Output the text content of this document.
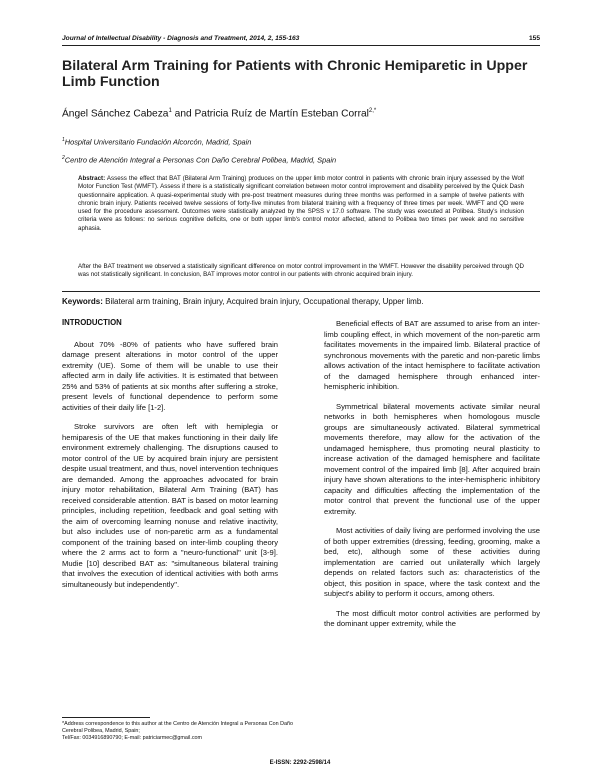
Journal of Intellectual Disability - Diagnosis and Treatment, 2014, 2, 155-163	155
Bilateral Arm Training for Patients with Chronic Hemiparetic in Upper Limb Function
Ángel Sánchez Cabeza$^1$ and Patricia Ruíz de Martín Esteban Corral$^{2,*}$
$^1$Hospital Universitario Fundación Alcorcón, Madrid, Spain
$^2$Centro de Atención Integral a Personas Con Daño Cerebral Polibea, Madrid, Spain

Abstract: Assess the effect that BAT (Bilateral Arm Training) produces on the upper limb motor control in patients with chronic brain injury assessed by the Wolf Motor Function Test (WMFT). Assess if there is a statistically significant correlation between motor control improvement and disability perceived by the Quick Dash questionnaire application. A quasi-experimental study with pre-post treatment measures during three months was performed in a sample of twelve patients with chronic brain injury. Patients received twelve sessions of forty-five minutes from bilateral training with a frequency of three times per week. WMFT and QD were used for the procedure assessment. Outcomes were statistically analyzed by the SPSS v 17.0 software. The study was executed at Polibea. Study's inclusion criteria were as follows: no serious cognitive deficits, one or both upper limb's control motor affected, attend to Polibea two times per week and no sensitive aphasia.

After the BAT treatment we observed a statistically significant difference on motor control improvement in the WMFT. However the disability perceived through QD was not statistically significant. In conclusion, BAT improves motor control in our patients with chronic acquired brain injury.

Keywords: Bilateral arm training, Brain injury, Acquired brain injury, Occupational therapy, Upper limb.
INTRODUCTION

About 70% -80% of patients who have suffered brain damage present alterations in motor control of the upper extremity (UE). Some of them will be unable to use their affected arm in daily life activities. It is estimated that between 25% and 53% of patients at six months after suffering a stroke, present levels of functional dependence to perform some activities of their daily life [1-2].

Stroke survivors are often left with hemiplegia or hemiparesis of the UE that makes functioning in their daily life environment extremely challenging. The disruptions caused to motor control of the UE by acquired brain injury are persistent despite usual treatment, and thus, novel intervention techniques are demanded. Among the approaches advocated for brain injury motor rehabilitation, Bilateral Arm Training (BAT) has received considerable attention. BAT is based on motor learning principles, including repetition, feedback and goal setting with the aim of overcoming learning nonuse and relative inactivity, but also includes use of non-paretic arm as a fundamental component of the training based on inter-limb coupling theory where the 2 arms act to form a "neuro-functional" unit [3-9]. Mudie [10] described BAT as: "simultaneous bilateral training that involves the execution of identical activities with both arms simultaneously but independently".

Beneficial effects of BAT are assumed to arise from an inter-limb coupling effect, in which movement of the non-paretic arm facilitates movements in the impaired limb. Bilateral practice of synchronous movements with the paretic and non-paretic limbs allows activation of the intact hemisphere to facilitate activation of the damaged hemisphere through enhanced inter-hemispheric inhibition.

Symmetrical bilateral movements activate similar neural networks in both hemispheres when homologous muscle groups are simultaneously activated. Bilateral symmetrical movements therefore, may allow for the activation of the undamaged hemisphere, thus promoting neural plasticity to increase activation of the damaged hemisphere and facilitate movement control of the impaired limb [8]. After acquired brain injury have shown alterations to the inter-hemispheric inhibitory capacity and difficulties affecting the implementation of the motor control that prevent the functional use of the upper extremity.

Most activities of daily living are performed involving the use of both upper extremities (dressing, feeding, grooming, make a bed, etc), although some of these activities during implementation are carried out unilaterally which largely depends on related factors such as: characteristics of the object, this position in space, where the task context and the subject's ability to perform it occurs, among others.

The most difficult motor control activities are performed by the dominant upper extremity, while the

*Address correspondence to this author at the Centro de Atención Integral a Personas Con Daño Cerebral Polibea, Madrid, Spain;
Tel/Fax: 0034916890790; E-mail: patriciarmec@gmail.com
E-ISSN: 2292-2598/14
